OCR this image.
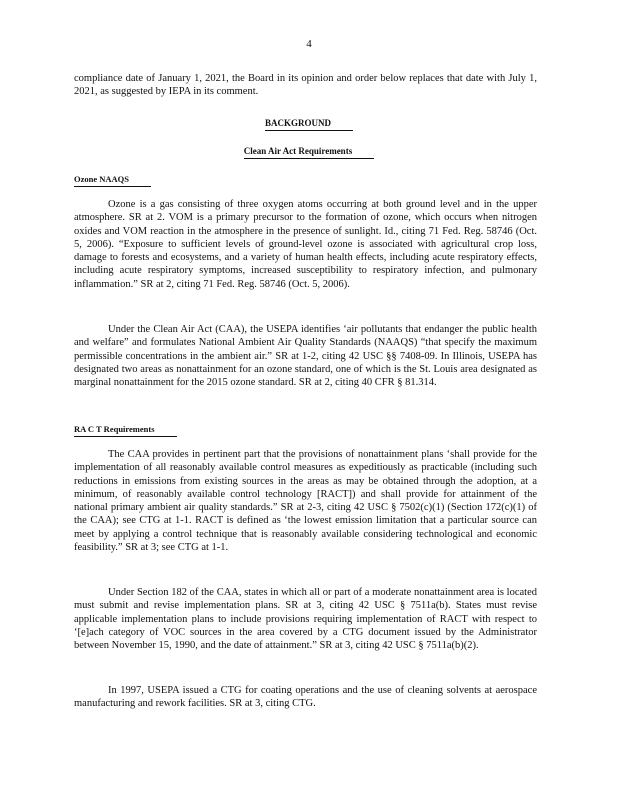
4

compliance date of January 1, 2021, the Board in its opinion and order below replaces that date with July 1, 2021, as suggested by IEPA in its comment.

BACKGROUND
Clean Air Act Requirements
Ozone NAAQS

Ozone is a gas consisting of three oxygen atoms occurring at both ground level and in the upper atmosphere. SR at 2. VOM is a primary precursor to the formation of ozone, which occurs when nitrogen oxides and VOM reaction in the atmosphere in the presence of sunlight. Id., citing 71 Fed. Reg. 58746 (Oct. 5, 2006). “Exposure to sufficient levels of ground-level ozone is associated with agricultural crop loss, damage to forests and ecosystems, and a variety of human health effects, including acute respiratory effects, including acute respiratory symptoms, increased susceptibility to respiratory infection, and pulmonary inflammation.” SR at 2, citing 71 Fed. Reg. 58746 (Oct. 5, 2006).

Under the Clean Air Act (CAA), the USEPA identifies ‘air pollutants that endanger the public health and welfare” and formulates National Ambient Air Quality Standards (NAAQS) “that specify the maximum permissible concentrations in the ambient air.” SR at 1-2, citing 42 USC §§ 7408-09. In Illinois, USEPA has designated two areas as nonattainment for an ozone standard, one of which is the St. Louis area designated as marginal nonattainment for the 2015 ozone standard. SR at 2, citing 40 CFR § 81.314.

RA C T Requirements

The CAA provides in pertinent part that the provisions of nonattainment plans ‘shall provide for the implementation of all reasonably available control measures as expeditiously as practicable (including such reductions in emissions from existing sources in the areas as may be obtained through the adoption, at a minimum, of reasonably available control technology [RACT]) and shall provide for attainment of the national primary ambient air quality standards.” SR at 2-3, citing 42 USC § 7502(c)(1) (Section 172(c)(1) of the CAA); see CTG at 1-1. RACT is defined as ‘the lowest emission limitation that a particular source can meet by applying a control technique that is reasonably available considering technological and economic feasibility.” SR at 3; see CTG at 1-1.

Under Section 182 of the CAA, states in which all or part of a moderate nonattainment area is located must submit and revise implementation plans. SR at 3, citing 42 USC § 7511a(b). States must revise applicable implementation plans to include provisions requiring implementation of RACT with respect to ‘[e]ach category of VOC sources in the area covered by a CTG document issued by the Administrator between November 15, 1990, and the date of attainment.” SR at 3, citing 42 USC § 7511a(b)(2).

In 1997, USEPA issued a CTG for coating operations and the use of cleaning solvents at aerospace manufacturing and rework facilities. SR at 3, citing CTG.
